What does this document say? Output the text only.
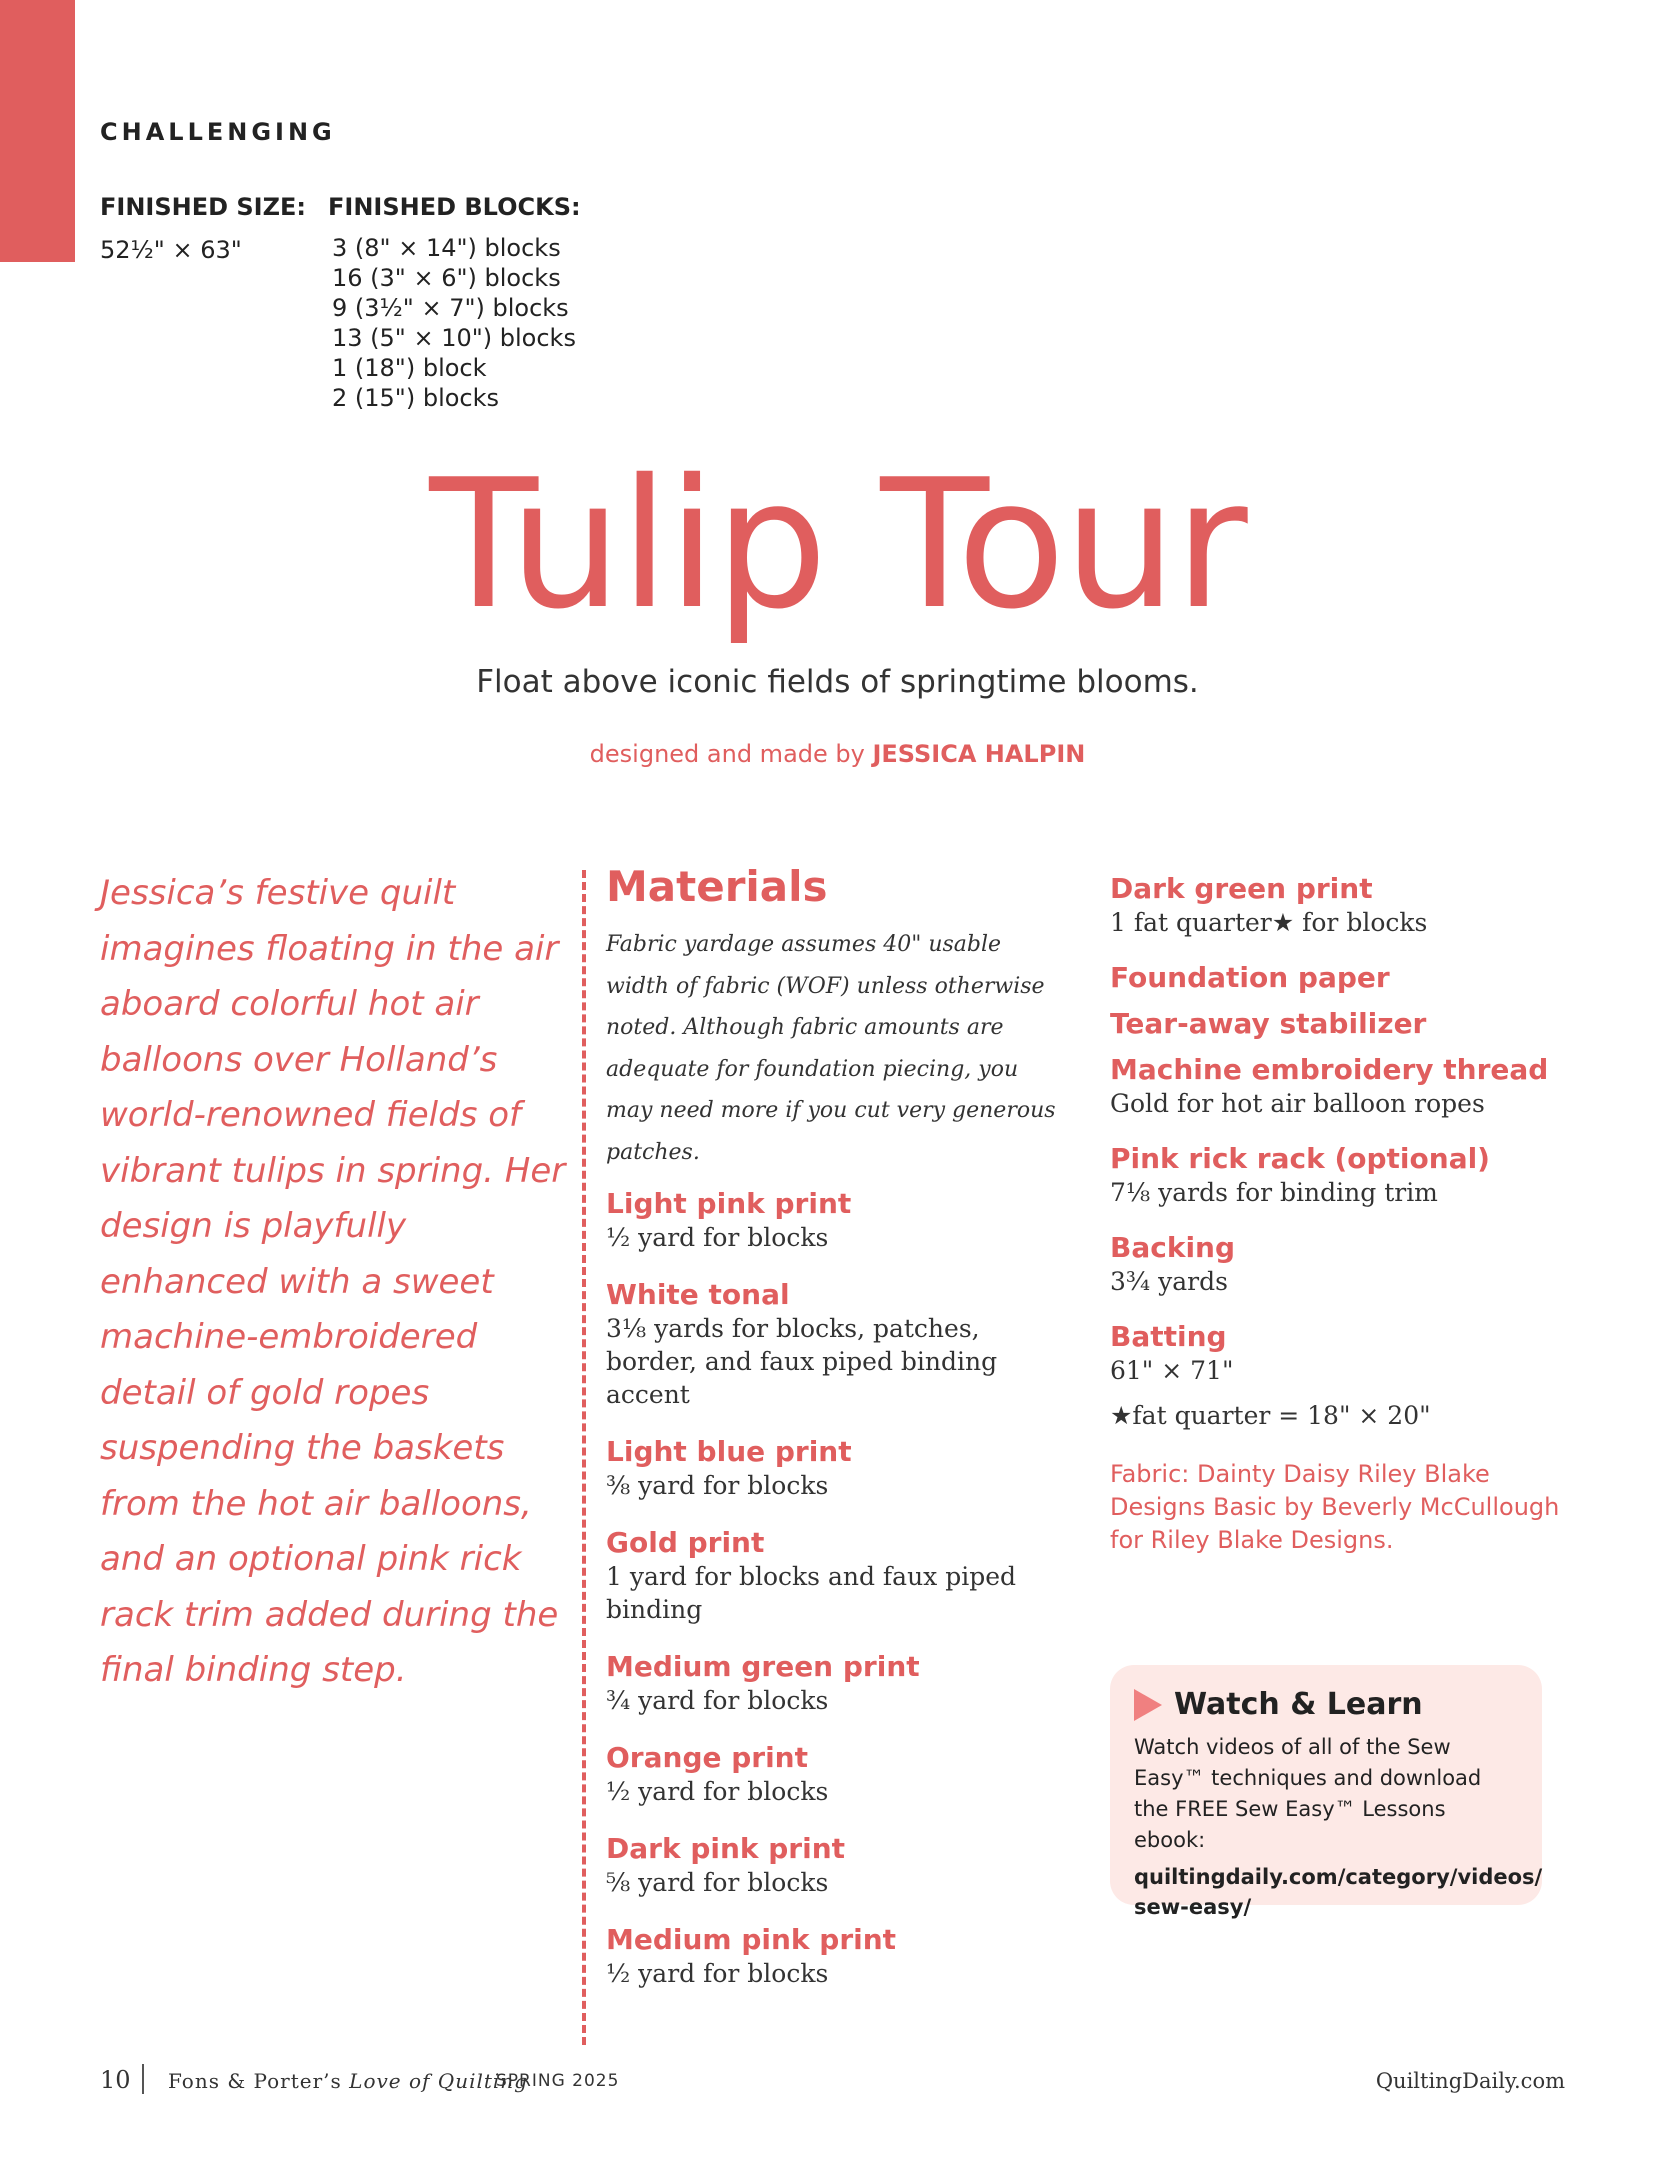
CHALLENGING
FINISHED SIZE:
52½" × 63"
FINISHED BLOCKS:
3 (8" × 14") blocks
16 (3" × 6") blocks
9 (3½" × 7") blocks
13 (5" × 10") blocks
1 (18") block
2 (15") blocks
Tulip Tour
Float above iconic fields of springtime blooms.
designed and made by JESSICA HALPIN

Jessica’s festive quilt imagines floating in the air aboard colorful hot air balloons over Holland’s world-renowned fields of vibrant tulips in spring. Her design is playfully enhanced with a sweet machine-embroidered detail of gold ropes suspending the baskets from the hot air balloons, and an optional pink rick rack trim added during the final binding step.

Materials

Fabric yardage assumes 40" usable width of fabric (WOF) unless otherwise noted. Although fabric amounts are adequate for foundation piecing, you may need more if you cut very generous patches.

Light pink print
½ yard for blocks
White tonal
3⅛ yards for blocks, patches, border, and faux piped binding accent
Light blue print
⅜ yard for blocks
Gold print
1 yard for blocks and faux piped binding
Medium green print
¾ yard for blocks
Orange print
½ yard for blocks
Dark pink print
⅝ yard for blocks
Medium pink print
½ yard for blocks
Dark green print
1 fat quarter★ for blocks
Foundation paper
Tear-away stabilizer
Machine embroidery thread
Gold for hot air balloon ropes
Pink rick rack (optional)
7⅛ yards for binding trim
Backing
3¾ yards
Batting
61" × 71"
★fat quarter = 18" × 20"
Fabric: Dainty Daisy Riley Blake Designs Basic by Beverly McCullough for Riley Blake Designs.
Watch & Learn
Watch videos of all of the Sew Easy™ techniques and download the FREE Sew Easy™ Lessons ebook:
quiltingdaily.com/category/videos/
sew-easy/
10 Fons & Porter’s Love of Quilting
SPRING 2025	QuiltingDaily.com
